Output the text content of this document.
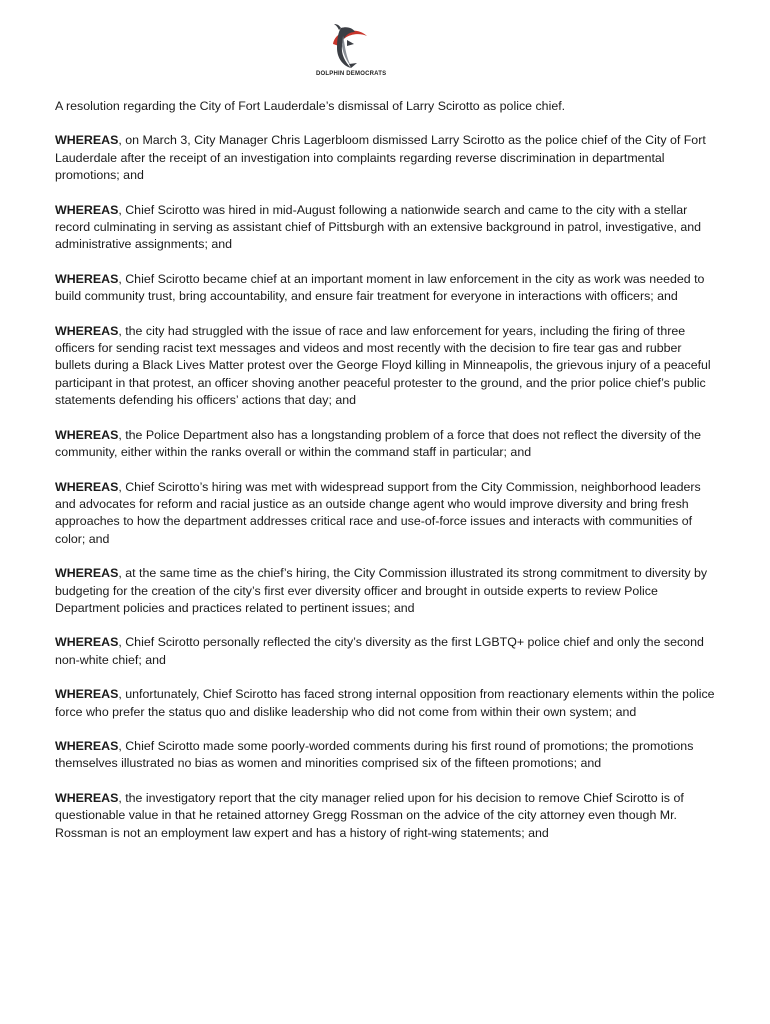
DOLPHIN DEMOCRATS

A resolution regarding the City of Fort Lauderdale’s dismissal of Larry Scirotto as police chief.

WHEREAS, on March 3, City Manager Chris Lagerbloom dismissed Larry Scirotto as the police chief of the City of Fort Lauderdale after the receipt of an investigation into complaints regarding reverse discrimination in departmental promotions; and

WHEREAS, Chief Scirotto was hired in mid-August following a nationwide search and came to the city with a stellar record culminating in serving as assistant chief of Pittsburgh with an extensive background in patrol, investigative, and administrative assignments; and

WHEREAS, Chief Scirotto became chief at an important moment in law enforcement in the city as work was needed to build community trust, bring accountability, and ensure fair treatment for everyone in interactions with officers; and

WHEREAS, the city had struggled with the issue of race and law enforcement for years, including the firing of three officers for sending racist text messages and videos and most recently with the decision to fire tear gas and rubber bullets during a Black Lives Matter protest over the George Floyd killing in Minneapolis, the grievous injury of a peaceful participant in that protest, an officer shoving another peaceful protester to the ground, and the prior police chief’s public statements defending his officers’ actions that day; and

WHEREAS, the Police Department also has a longstanding problem of a force that does not reflect the diversity of the community, either within the ranks overall or within the command staff in particular; and

WHEREAS, Chief Scirotto’s hiring was met with widespread support from the City Commission, neighborhood leaders and advocates for reform and racial justice as an outside change agent who would improve diversity and bring fresh approaches to how the department addresses critical race and use-of-force issues and interacts with communities of color; and

WHEREAS, at the same time as the chief’s hiring, the City Commission illustrated its strong commitment to diversity by budgeting for the creation of the city’s first ever diversity officer and brought in outside experts to review Police Department policies and practices related to pertinent issues; and

WHEREAS, Chief Scirotto personally reflected the city’s diversity as the first LGBTQ+ police chief and only the second non-white chief; and

WHEREAS, unfortunately, Chief Scirotto has faced strong internal opposition from reactionary elements within the police force who prefer the status quo and dislike leadership who did not come from within their own system; and

WHEREAS, Chief Scirotto made some poorly-worded comments during his first round of promotions; the promotions themselves illustrated no bias as women and minorities comprised six of the fifteen promotions; and

WHEREAS, the investigatory report that the city manager relied upon for his decision to remove Chief Scirotto is of questionable value in that he retained attorney Gregg Rossman on the advice of the city attorney even though Mr. Rossman is not an employment law expert and has a history of right-wing statements; and
